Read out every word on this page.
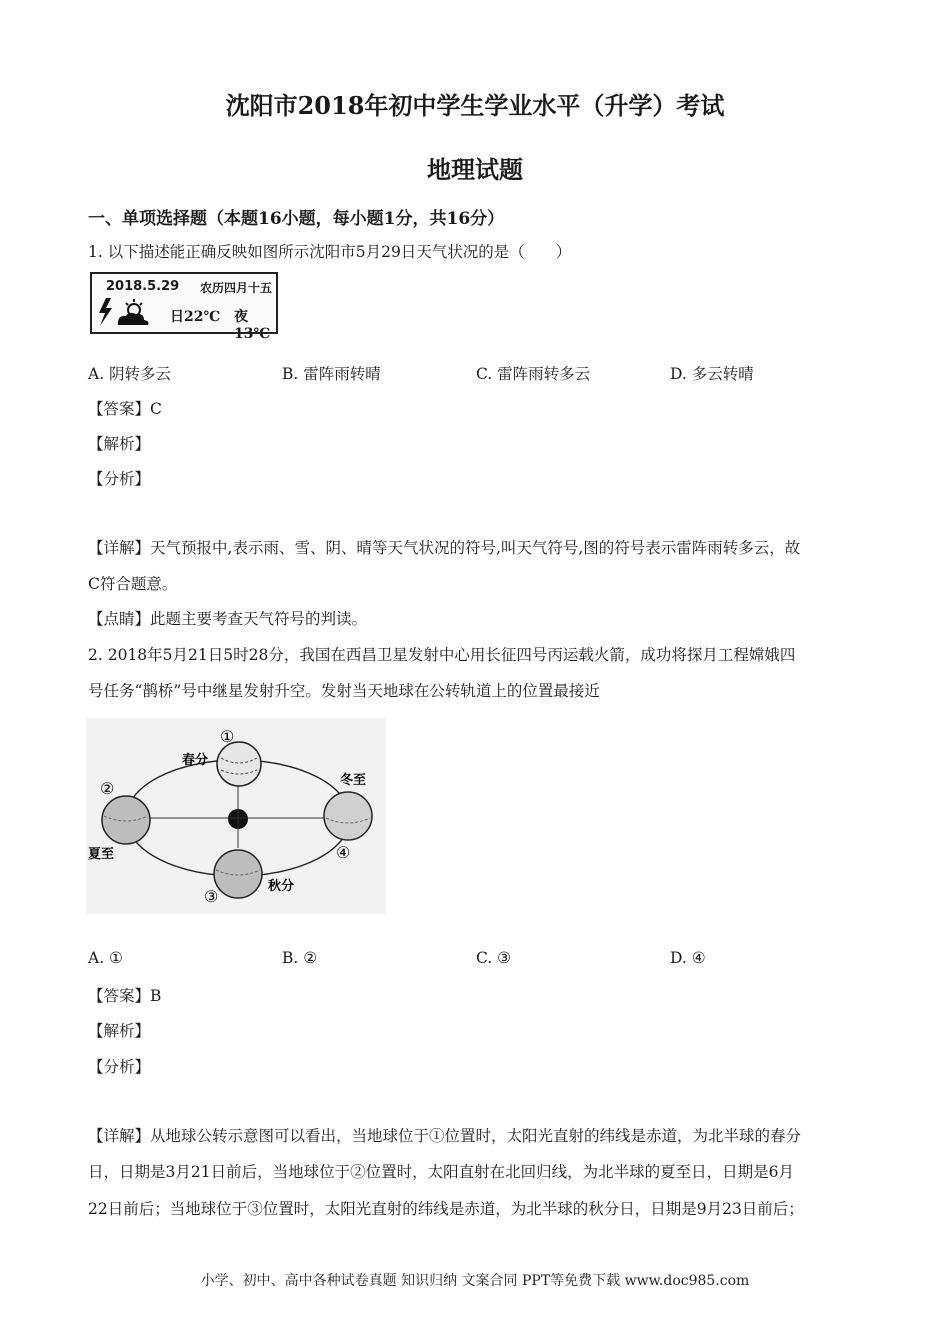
沈阳市2018年初中学生学业水平（升学）考试
地理试题
一、单项选择题（本题16小题，每小题1分，共16分）
1. 以下描述能正确反映如图所示沈阳市5月29日天气状况的是（　　）
2018.5.29 农历四月十五
日22℃ 夜13℃
A. 阴转多云	B. 雷阵雨转晴	C. 雷阵雨转多云	D. 多云转晴
【答案】C
【解析】
【分析】
【详解】天气预报中,表示雨、雪、阴、晴等天气状况的符号,叫天气符号,图的符号表示雷阵雨转多云，故
C符合题意。
【点睛】此题主要考查天气符号的判读。
2. 2018年5月21日5时28分，我国在西昌卫星发射中心用长征四号丙运载火箭，成功将探月工程嫦娥四
号任务“鹊桥”号中继星发射升空。发射当天地球在公转轨道上的位置最接近
春分
夏至
秋分
冬至
①
②
③
④
A. ①	B. ②	C. ③	D. ④
【答案】B
【解析】
【分析】
【详解】从地球公转示意图可以看出，当地球位于①位置时，太阳光直射的纬线是赤道，为北半球的春分
日，日期是3月21日前后，当地球位于②位置时，太阳直射在北回归线，为北半球的夏至日，日期是6月
22日前后；当地球位于③位置时，太阳光直射的纬线是赤道，为北半球的秋分日，日期是9月23日前后；
小学、初中、高中各种试卷真题 知识归纳 文案合同 PPT等免费下载 www.doc985.com
